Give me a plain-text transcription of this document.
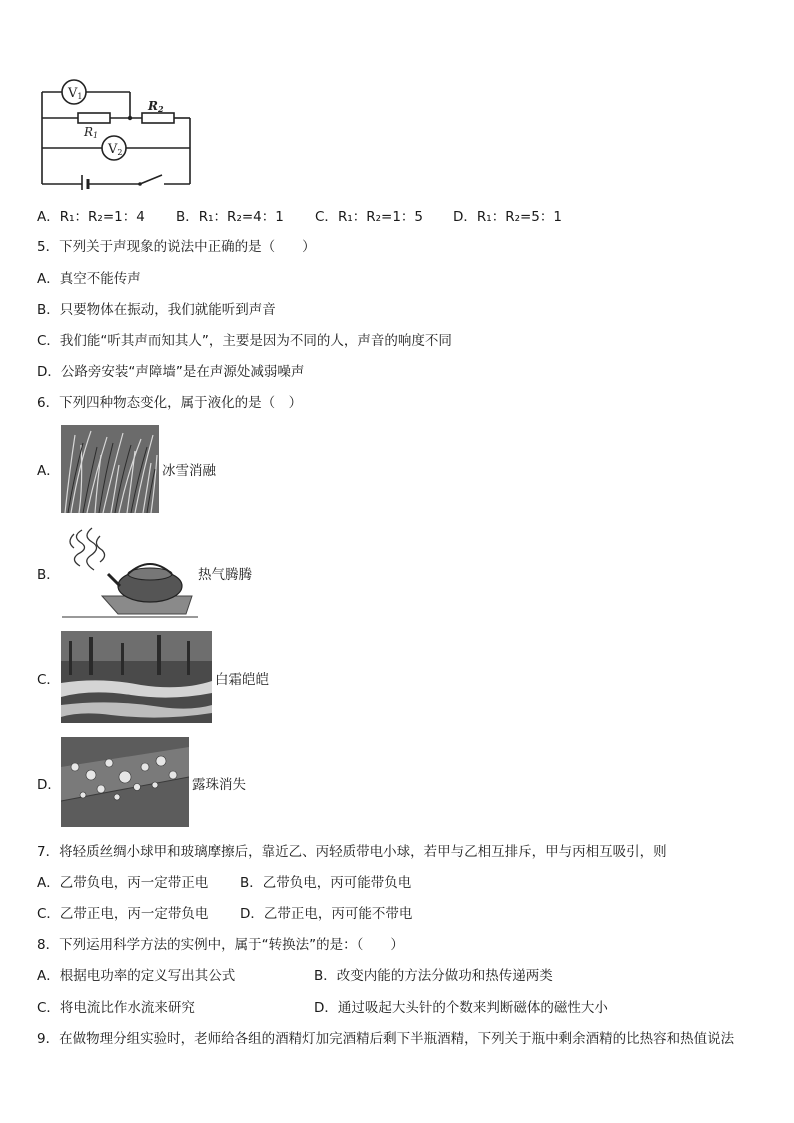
V1
V2
R1
R2
A．R₁：R₂=1：4 B．R₁：R₂=4：1 C．R₁：R₂=1：5 D．R₁：R₂=5：1
5．下列关于声现象的说法中正确的是（　　）
A．真空不能传声
B．只要物体在振动，我们就能听到声音
C．我们能“听其声而知其人”，主要是因为不同的人，声音的响度不同
D．公路旁安装“声障墙”是在声源处减弱噪声
6．下列四种物态变化，属于液化的是（　）
A．	冰雪消融
B．	热气腾腾
C．	白霜皑皑
D．	露珠消失
7．将轻质丝绸小球甲和玻璃摩擦后，靠近乙、丙轻质带电小球，若甲与乙相互排斥，甲与丙相互吸引，则
A．乙带负电，丙一定带正电 B．乙带负电，丙可能带负电
C．乙带正电，丙一定带负电 D．乙带正电，丙可能不带电
8．下列运用科学方法的实例中，属于“转换法”的是：（　　）
A．根据电功率的定义写出其公式	B．改变内能的方法分做功和热传递两类
C．将电流比作水流来研究	D．通过吸起大头针的个数来判断磁体的磁性大小
9．在做物理分组实验时，老师给各组的酒精灯加完酒精后剩下半瓶酒精，下列关于瓶中剩余酒精的比热容和热值说法
